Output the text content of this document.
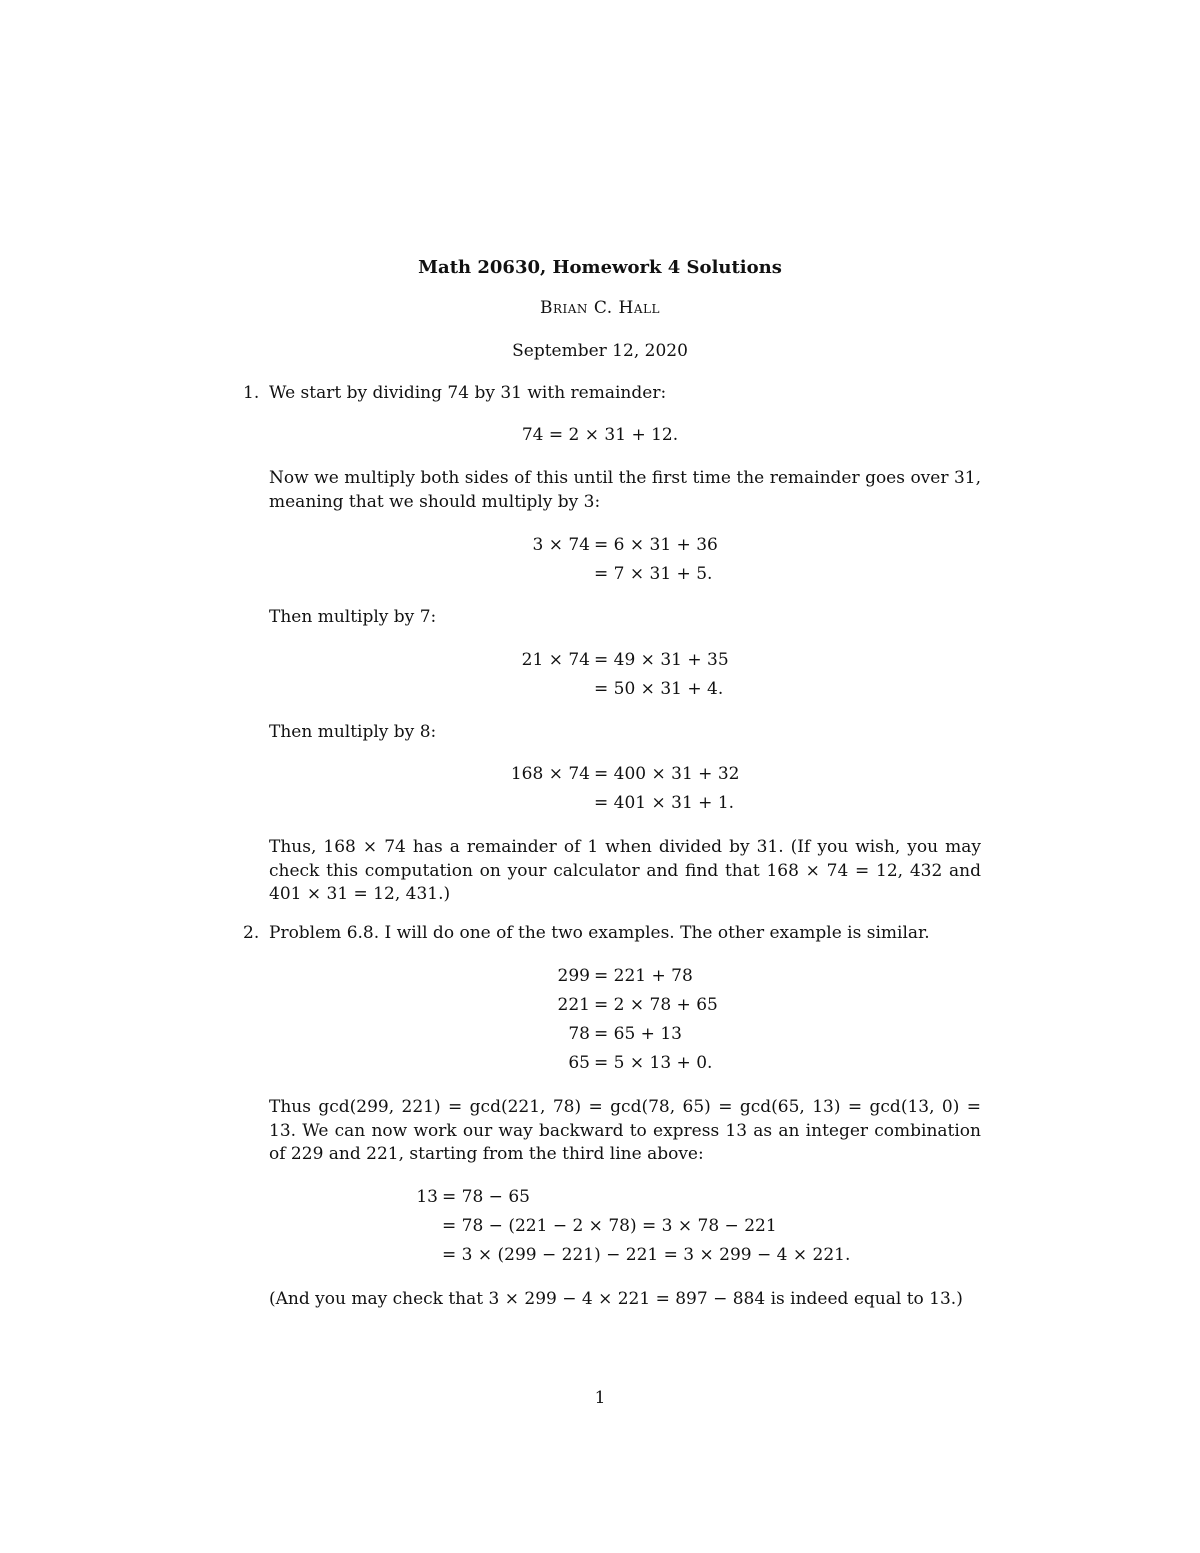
Math 20630, Homework 4 Solutions
Brian C. Hall
September 12, 2020
1. We start by dividing 74 by 31 with remainder:
74 = 2 × 31 + 12.
Now we multiply both sides of this until the first time the remainder goes over 31, meaning that we should multiply by 3:
3 × 74 = 6 × 31 + 36
= 7 × 31 + 5.
Then multiply by 7:
21 × 74 = 49 × 31 + 35
= 50 × 31 + 4.
Then multiply by 8:
168 × 74 = 400 × 31 + 32
= 401 × 31 + 1.
Thus, 168 × 74 has a remainder of 1 when divided by 31. (If you wish, you may check this computation on your calculator and find that 168 × 74 = 12, 432 and 401 × 31 = 12, 431.)
2. Problem 6.8. I will do one of the two examples. The other example is similar.
299 = 221 + 78
221 = 2 × 78 + 65
78 = 65 + 13
65 = 5 × 13 + 0.
Thus gcd(299, 221) = gcd(221, 78) = gcd(78, 65) = gcd(65, 13) = gcd(13, 0) = 13. We can now work our way backward to express 13 as an integer combination of 229 and 221, starting from the third line above:
13 = 78 − 65
= 78 − (221 − 2 × 78) = 3 × 78 − 221
= 3 × (299 − 221) − 221 = 3 × 299 − 4 × 221.
(And you may check that 3 × 299 − 4 × 221 = 897 − 884 is indeed equal to 13.)
1
